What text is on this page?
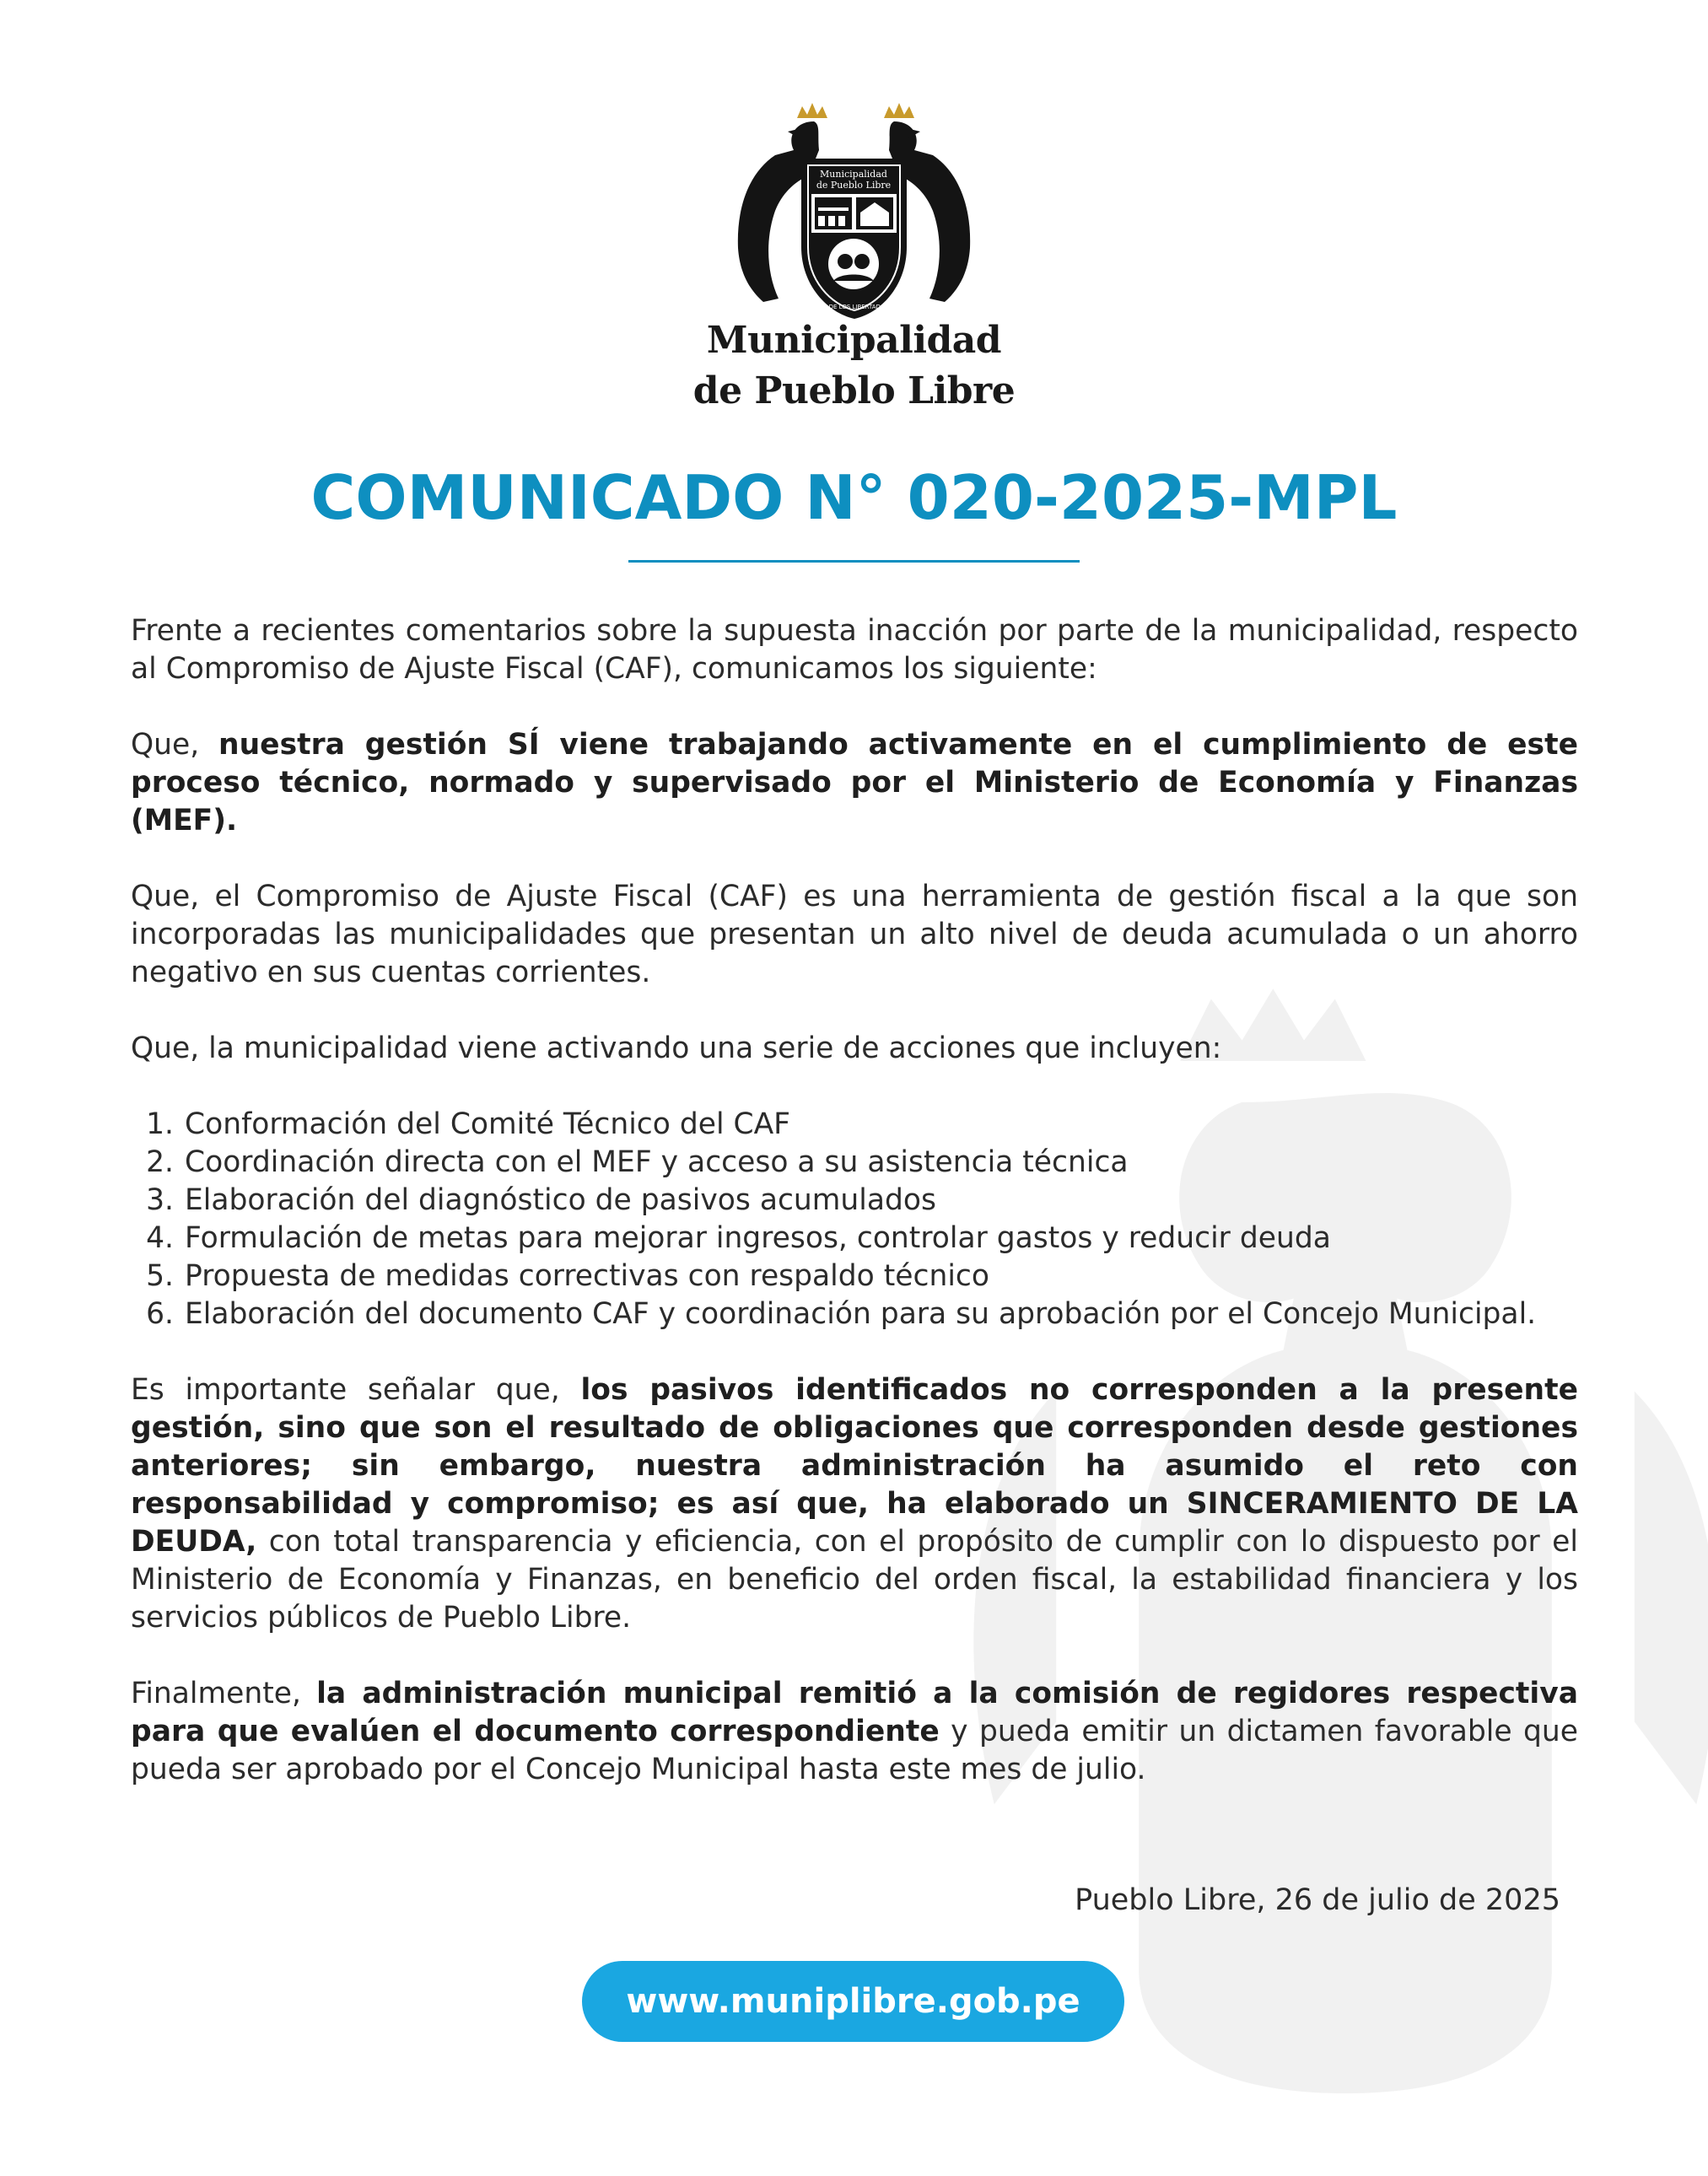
Municipalidad
de Pueblo Libre
VILLA DE LOS LIBERTADORES
Municipalidad
de Pueblo Libre
COMUNICADO N° 020-2025-MPL

Frente a recientes comentarios sobre la supuesta inacción por parte de la municipalidad, respecto al Compromiso de Ajuste Fiscal (CAF), comunicamos los siguiente:

Que, nuestra gestión SÍ viene trabajando activamente en el cumplimiento de este proceso técnico, normado y supervisado por el Ministerio de Economía y Finanzas (MEF).

Que, el Compromiso de Ajuste Fiscal (CAF) es una herramienta de gestión fiscal a la que son incorporadas las municipalidades que presentan un alto nivel de deuda acumulada o un ahorro negativo en sus cuentas corrientes.

Que, la municipalidad viene activando una serie de acciones que incluyen:

1. Conformación del Comité Técnico del CAF
2. Coordinación directa con el MEF y acceso a su asistencia técnica
3. Elaboración del diagnóstico de pasivos acumulados
4. Formulación de metas para mejorar ingresos, controlar gastos y reducir deuda
5. Propuesta de medidas correctivas con respaldo técnico
6. Elaboración del documento CAF y coordinación para su aprobación por el Concejo Municipal.

Es importante señalar que, los pasivos identificados no corresponden a la presente gestión, sino que son el resultado de obligaciones que corresponden desde gestiones anteriores; sin embargo, nuestra administración ha asumido el reto con responsabilidad y compromiso; es así que, ha elaborado un SINCERAMIENTO DE LA DEUDA, con total transparencia y eficiencia, con el propósito de cumplir con lo dispuesto por el Ministerio de Economía y Finanzas, en beneficio del orden fiscal, la estabilidad financiera y los servicios públicos de Pueblo Libre.

Finalmente, la administración municipal remitió a la comisión de regidores respectiva para que evalúen el documento correspondiente y pueda emitir un dictamen favorable que pueda ser aprobado por el Concejo Municipal hasta este mes de julio.

Pueblo Libre, 26 de julio de 2025
www.muniplibre.gob.pe
